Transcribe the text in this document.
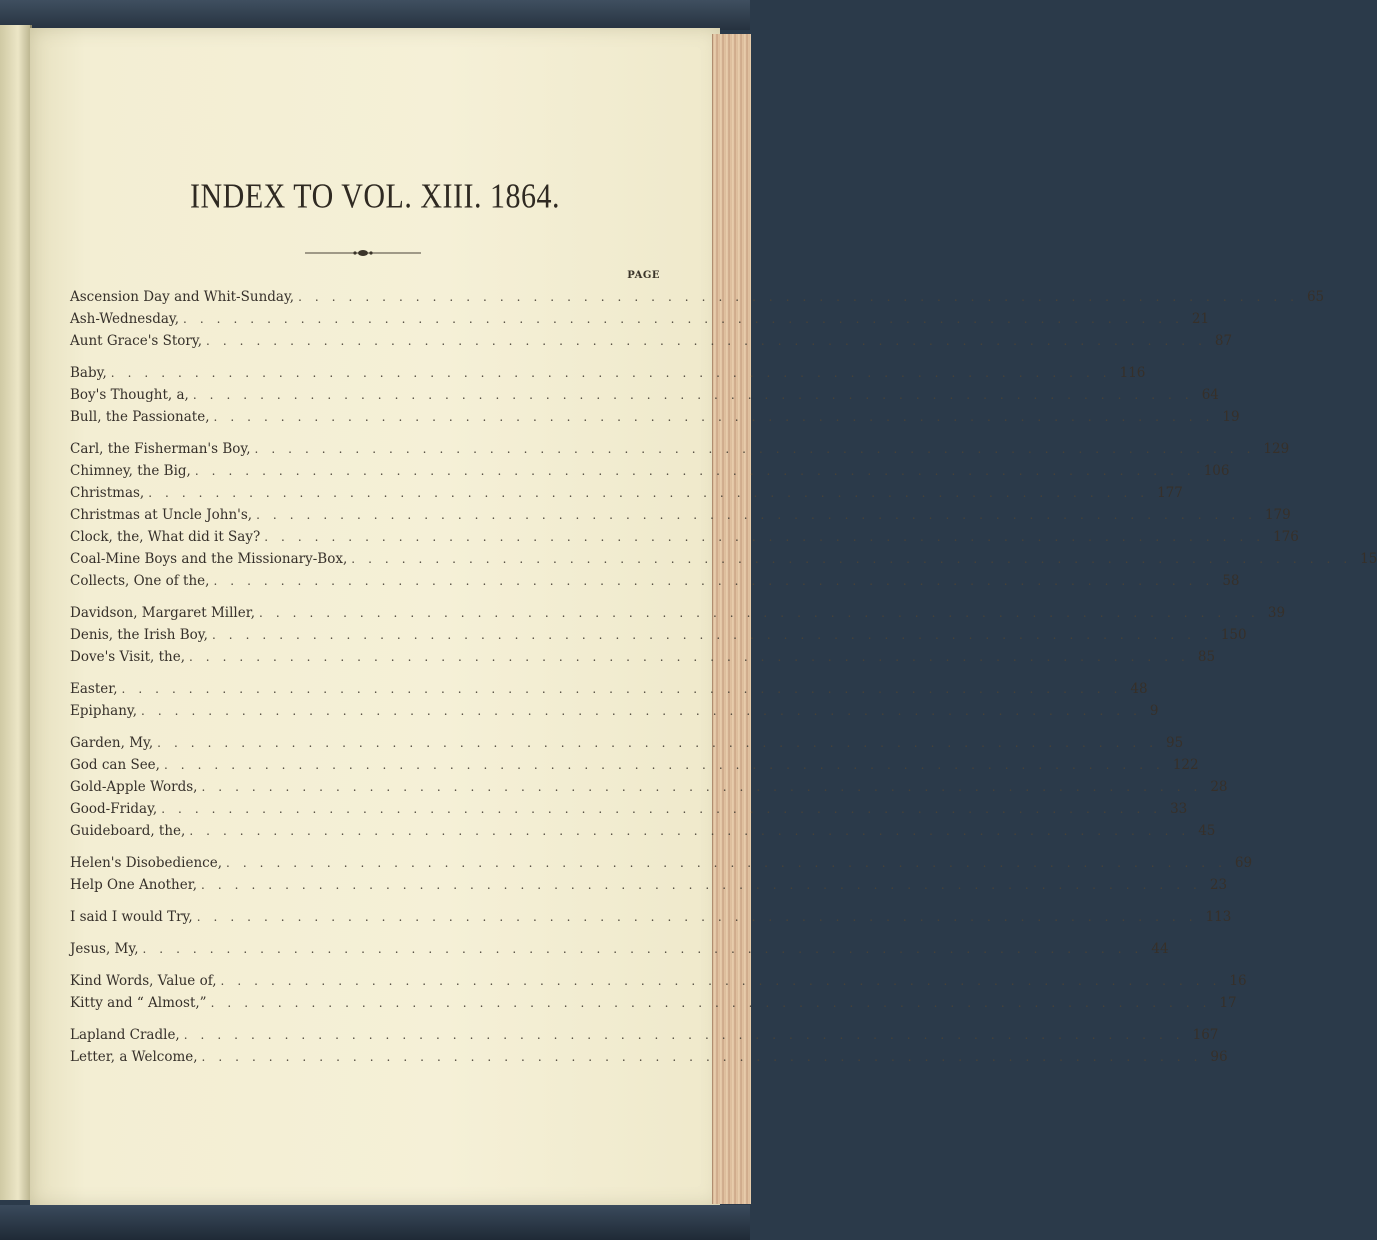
INDEX TO VOL. XIII. 1864.
PAGE
Ascension Day and Whit-Sunday, ............................................................ 65
Ash-Wednesday, ............................................................ 21
Aunt Grace's Story, ............................................................ 87
Baby, ............................................................ 116
Boy's Thought, a, ............................................................ 64
Bull, the Passionate, ............................................................ 19
Carl, the Fisherman's Boy, ............................................................ 129
Chimney, the Big, ............................................................ 106
Christmas, ............................................................ 177
Christmas at Uncle John's, ............................................................ 179
Clock, the, What did it Say? ............................................................ 176
Coal-Mine Boys and the Missionary-Box, ............................................................ 15
Collects, One of the, ............................................................ 58
Davidson, Margaret Miller, ............................................................ 39
Denis, the Irish Boy, ............................................................ 150
Dove's Visit, the, ............................................................ 85
Easter, ............................................................ 48
Epiphany, ............................................................ 9
Garden, My, ............................................................ 95
God can See, ............................................................ 122
Gold-Apple Words, ............................................................ 28
Good-Friday, ............................................................ 33
Guideboard, the, ............................................................ 45
Helen's Disobedience, ............................................................ 69
Help One Another, ............................................................ 23
I said I would Try, ............................................................ 113
Jesus, My, ............................................................ 44
Kind Words, Value of, ............................................................ 16
Kitty and “ Almost,” ............................................................ 17
Lapland Cradle, ............................................................ 167
Letter, a Welcome, ............................................................ 96
